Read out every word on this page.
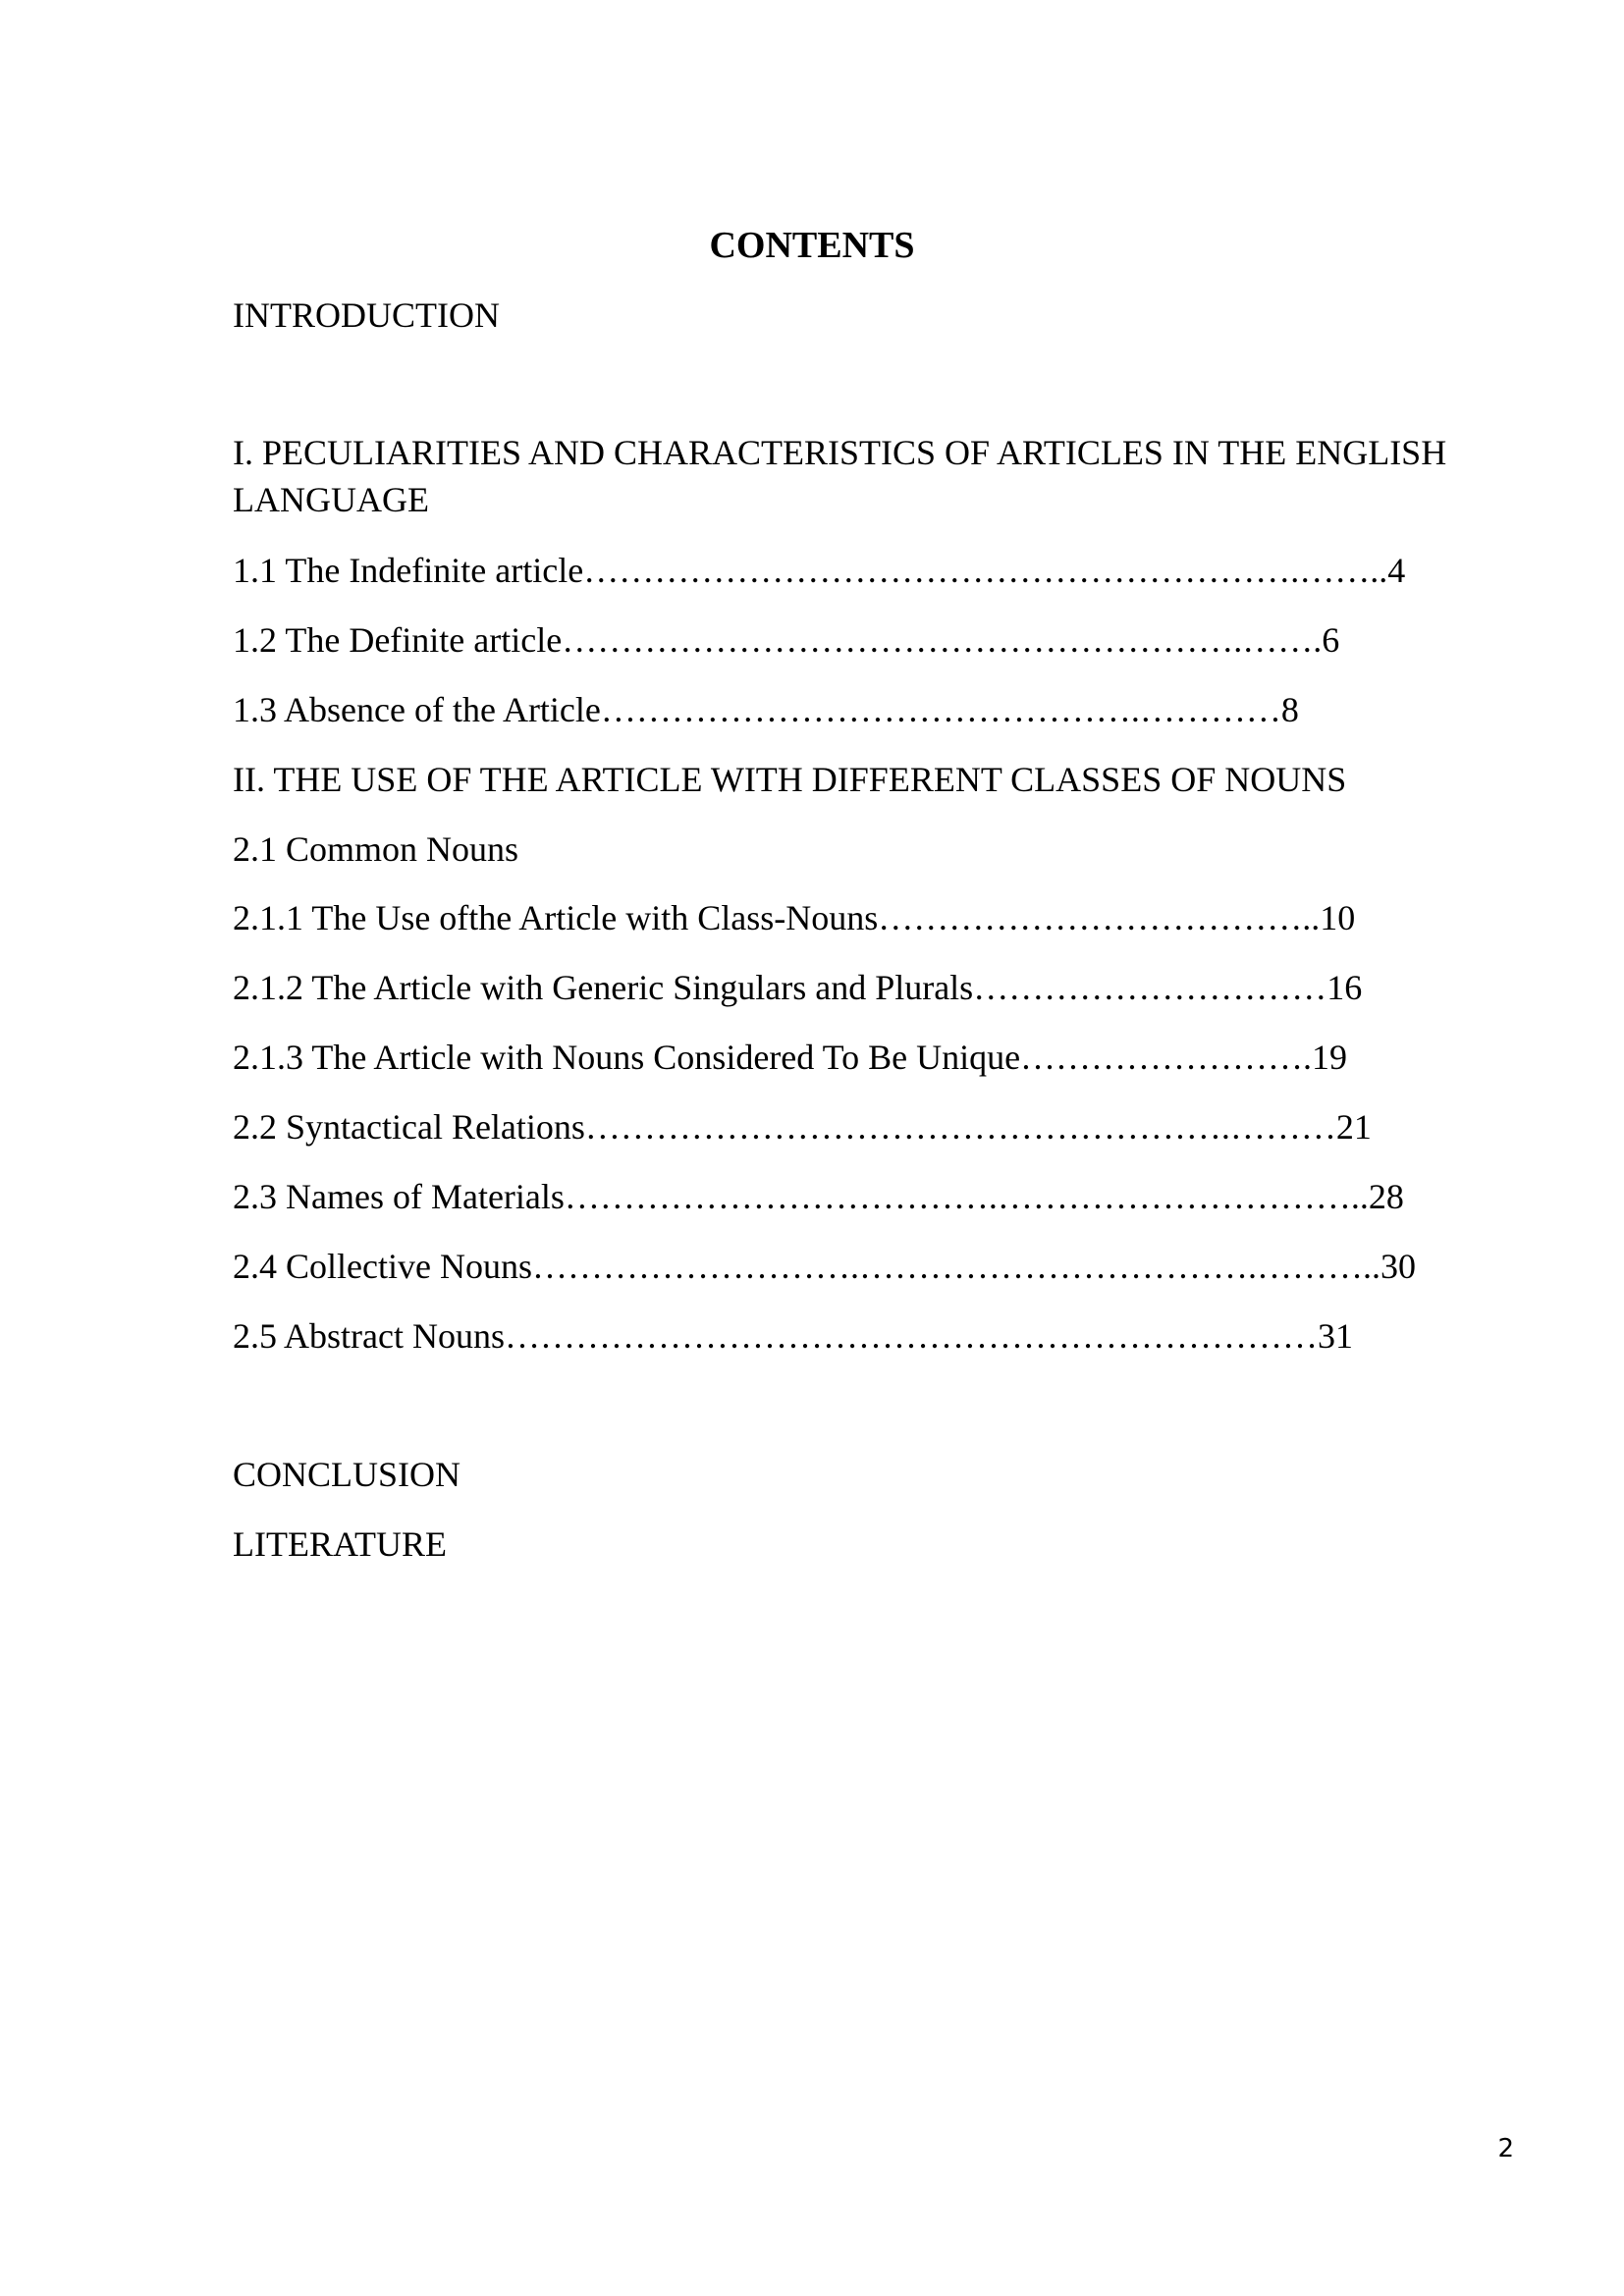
CONTENTS

INTRODUCTION

I. PECULIARITIES AND CHARACTERISTICS OF ARTICLES IN THE ENGLISH LANGUAGE

1.1 The Indefinite article…………………………………………………….……..4

1.2 The Definite article………………………………………………….…….6

1.3 Absence of the Article……………………………………….…………8

II. THE USE OF THE ARTICLE WITH DIFFERENT CLASSES OF NOUNS

2.1 Common Nouns

2.1.1 The Use ofthe Article with Class-Nouns………………………………..10

2.1.2 The Article with Generic Singulars and Plurals…………………………16

2.1.3 The Article with Nouns Considered To Be Unique…………………….19

2.2 Syntactical Relations……………………………………………….………21

2.3 Names of Materials……………………………….…………………………..28

2.4 Collective Nouns……………………….…………………………….………..30

2.5 Abstract Nouns……………………………………………………………31

CONCLUSION

LITERATURE

2
